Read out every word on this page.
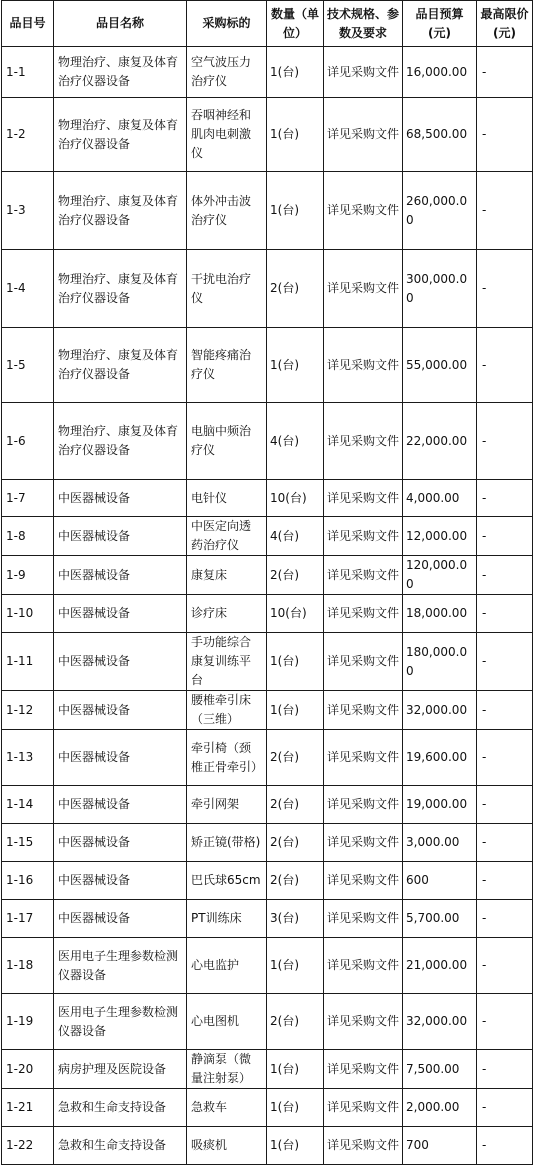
品目号	品目名称	采购标的	数量（单位）	技术规格、参数及要求	品目预算(元)	最高限价(元)
1-1	物理治疗、康复及体育治疗仪器设备	空气波压力治疗仪	1(台)	详见采购文件	16,000.00	-
1-2	物理治疗、康复及体育治疗仪器设备	吞咽神经和肌肉电刺激仪	1(台)	详见采购文件	68,500.00	-
1-3	物理治疗、康复及体育治疗仪器设备	体外冲击波治疗仪	1(台)	详见采购文件	260,000.00	-
1-4	物理治疗、康复及体育治疗仪器设备	干扰电治疗仪	2(台)	详见采购文件	300,000.00	-
1-5	物理治疗、康复及体育治疗仪器设备	智能疼痛治疗仪	1(台)	详见采购文件	55,000.00	-
1-6	物理治疗、康复及体育治疗仪器设备	电脑中频治疗仪	4(台)	详见采购文件	22,000.00	-
1-7	中医器械设备	电针仪	10(台)	详见采购文件	4,000.00	-
1-8	中医器械设备	中医定向透药治疗仪	4(台)	详见采购文件	12,000.00	-
1-9	中医器械设备	康复床	2(台)	详见采购文件	120,000.00	-
1-10	中医器械设备	诊疗床	10(台)	详见采购文件	18,000.00	-
1-11	中医器械设备	手功能综合康复训练平台	1(台)	详见采购文件	180,000.00	-
1-12	中医器械设备	腰椎牵引床（三维）	1(台)	详见采购文件	32,000.00	-
1-13	中医器械设备	牵引椅（颈椎正骨牵引）	2(台)	详见采购文件	19,600.00	-
1-14	中医器械设备	牵引网架	2(台)	详见采购文件	19,000.00	-
1-15	中医器械设备	矫正镜(带格)	2(台)	详见采购文件	3,000.00	-
1-16	中医器械设备	巴氏球65cm	2(台)	详见采购文件	600	-
1-17	中医器械设备	PT训练床	3(台)	详见采购文件	5,700.00	-
1-18	医用电子生理参数检测仪器设备	心电监护	1(台)	详见采购文件	21,000.00	-
1-19	医用电子生理参数检测仪器设备	心电图机	2(台)	详见采购文件	32,000.00	-
1-20	病房护理及医院设备	静滴泵（微量注射泵）	1(台)	详见采购文件	7,500.00	-
1-21	急救和生命支持设备	急救车	1(台)	详见采购文件	2,000.00	-
1-22	急救和生命支持设备	吸痰机	1(台)	详见采购文件	700	-
